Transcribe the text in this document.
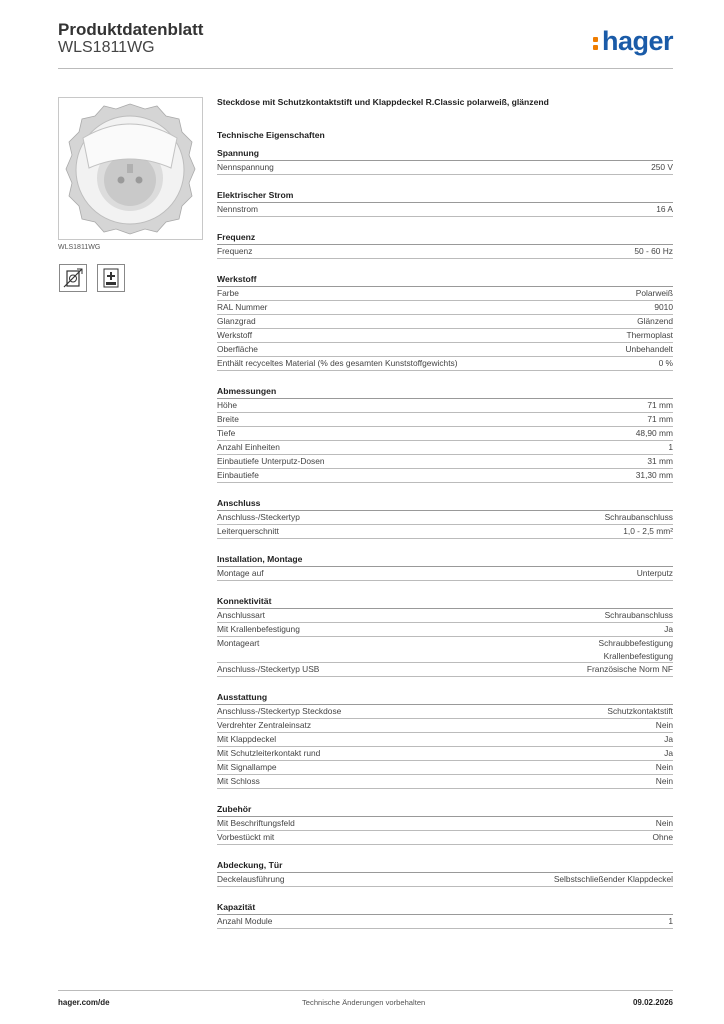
Produktdatenblatt
WLS1811WG	hager
WLS1811WG
Steckdose mit Schutzkontaktstift und Klappdeckel R.Classic polarweiß, glänzend
Technische Eigenschaften
Spannung
Nennspannung	250 V
Elektrischer Strom
Nennstrom	16 A
Frequenz
Frequenz	50 - 60 Hz
Werkstoff
Farbe	Polarweiß
RAL Nummer	9010
Glanzgrad	Glänzend
Werkstoff	Thermoplast
Oberfläche	Unbehandelt
Enthält recyceltes Material (% des gesamten Kunststoffgewichts)	0 %
Abmessungen
Höhe	71 mm
Breite	71 mm
Tiefe	48,90 mm
Anzahl Einheiten	1
Einbautiefe Unterputz-Dosen	31 mm
Einbautiefe	31,30 mm
Anschluss
Anschluss-/Steckertyp	Schraubanschluss
Leiterquerschnitt	1,0 - 2,5 mm²
Installation, Montage
Montage auf	Unterputz
Konnektivität
Anschlussart	Schraubanschluss
Mit Krallenbefestigung	Ja
Montageart	Schraubbefestigung
Krallenbefestigung
Anschluss-/Steckertyp USB	Französische Norm NF
Ausstattung
Anschluss-/Steckertyp Steckdose	Schutzkontaktstift
Verdrehter Zentraleinsatz	Nein
Mit Klappdeckel	Ja
Mit Schutzleiterkontakt rund	Ja
Mit Signallampe	Nein
Mit Schloss	Nein
Zubehör
Mit Beschriftungsfeld	Nein
Vorbestückt mit	Ohne
Abdeckung, Tür
Deckelausführung	Selbstschließender Klappdeckel
Kapazität
Anzahl Module	1
hager.com/de	Technische Änderungen vorbehalten	09.02.2026
